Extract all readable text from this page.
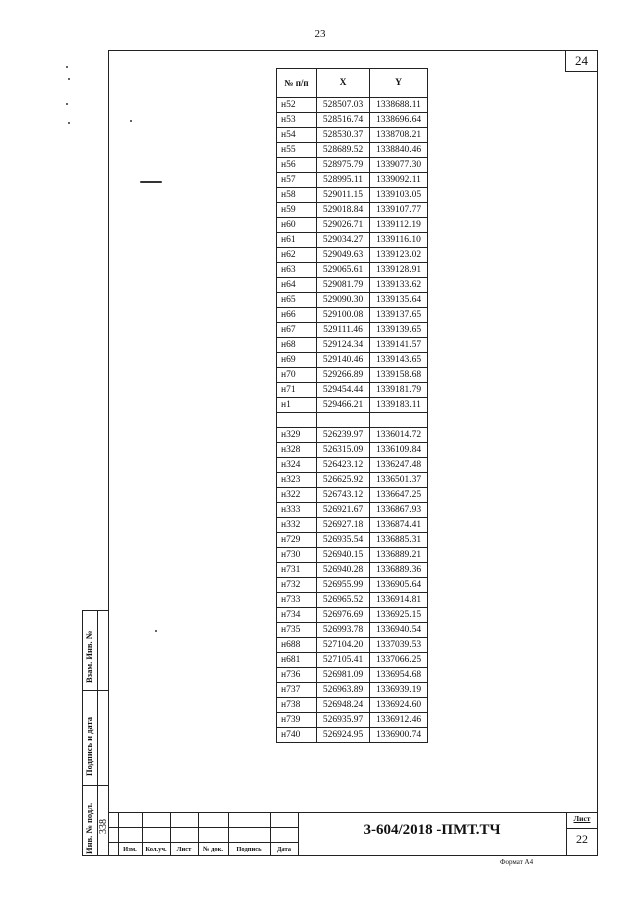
23
24
№ п/п	X	Y
н52	528507.03	1338688.11
н53	528516.74	1338696.64
н54	528530.37	1338708.21
н55	528689.52	1338840.46
н56	528975.79	1339077.30
н57	528995.11	1339092.11
н58	529011.15	1339103.05
н59	529018.84	1339107.77
н60	529026.71	1339112.19
н61	529034.27	1339116.10
н62	529049.63	1339123.02
н63	529065.61	1339128.91
н64	529081.79	1339133.62
н65	529090.30	1339135.64
н66	529100.08	1339137.65
н67	529111.46	1339139.65
н68	529124.34	1339141.57
н69	529140.46	1339143.65
н70	529266.89	1339158.68
н71	529454.44	1339181.79
н1	529466.21	1339183.11

н329	526239.97	1336014.72
н328	526315.09	1336109.84
н324	526423.12	1336247.48
н323	526625.92	1336501.37
н322	526743.12	1336647.25
н333	526921.67	1336867.93
н332	526927.18	1336874.41
н729	526935.54	1336885.31
н730	526940.15	1336889.21
н731	526940.28	1336889.36
н732	526955.99	1336905.64
н733	526965.52	1336914.81
н734	526976.69	1336925.15
н735	526993.78	1336940.54
н688	527104.20	1337039.53
н681	527105.41	1337066.25
н736	526981.09	1336954.68
н737	526963.89	1336939.19
н738	526948.24	1336924.60
н739	526935.97	1336912.46
н740	526924.95	1336900.74
Взам. Инв. №
Подпись и дата
Инв. № подл. 338
Изм.	Кол.уч.	Лист	№ док.	Подпись	Дата
3-604/2018 -ПМТ.ТЧ
Лист
22
Формат А4
